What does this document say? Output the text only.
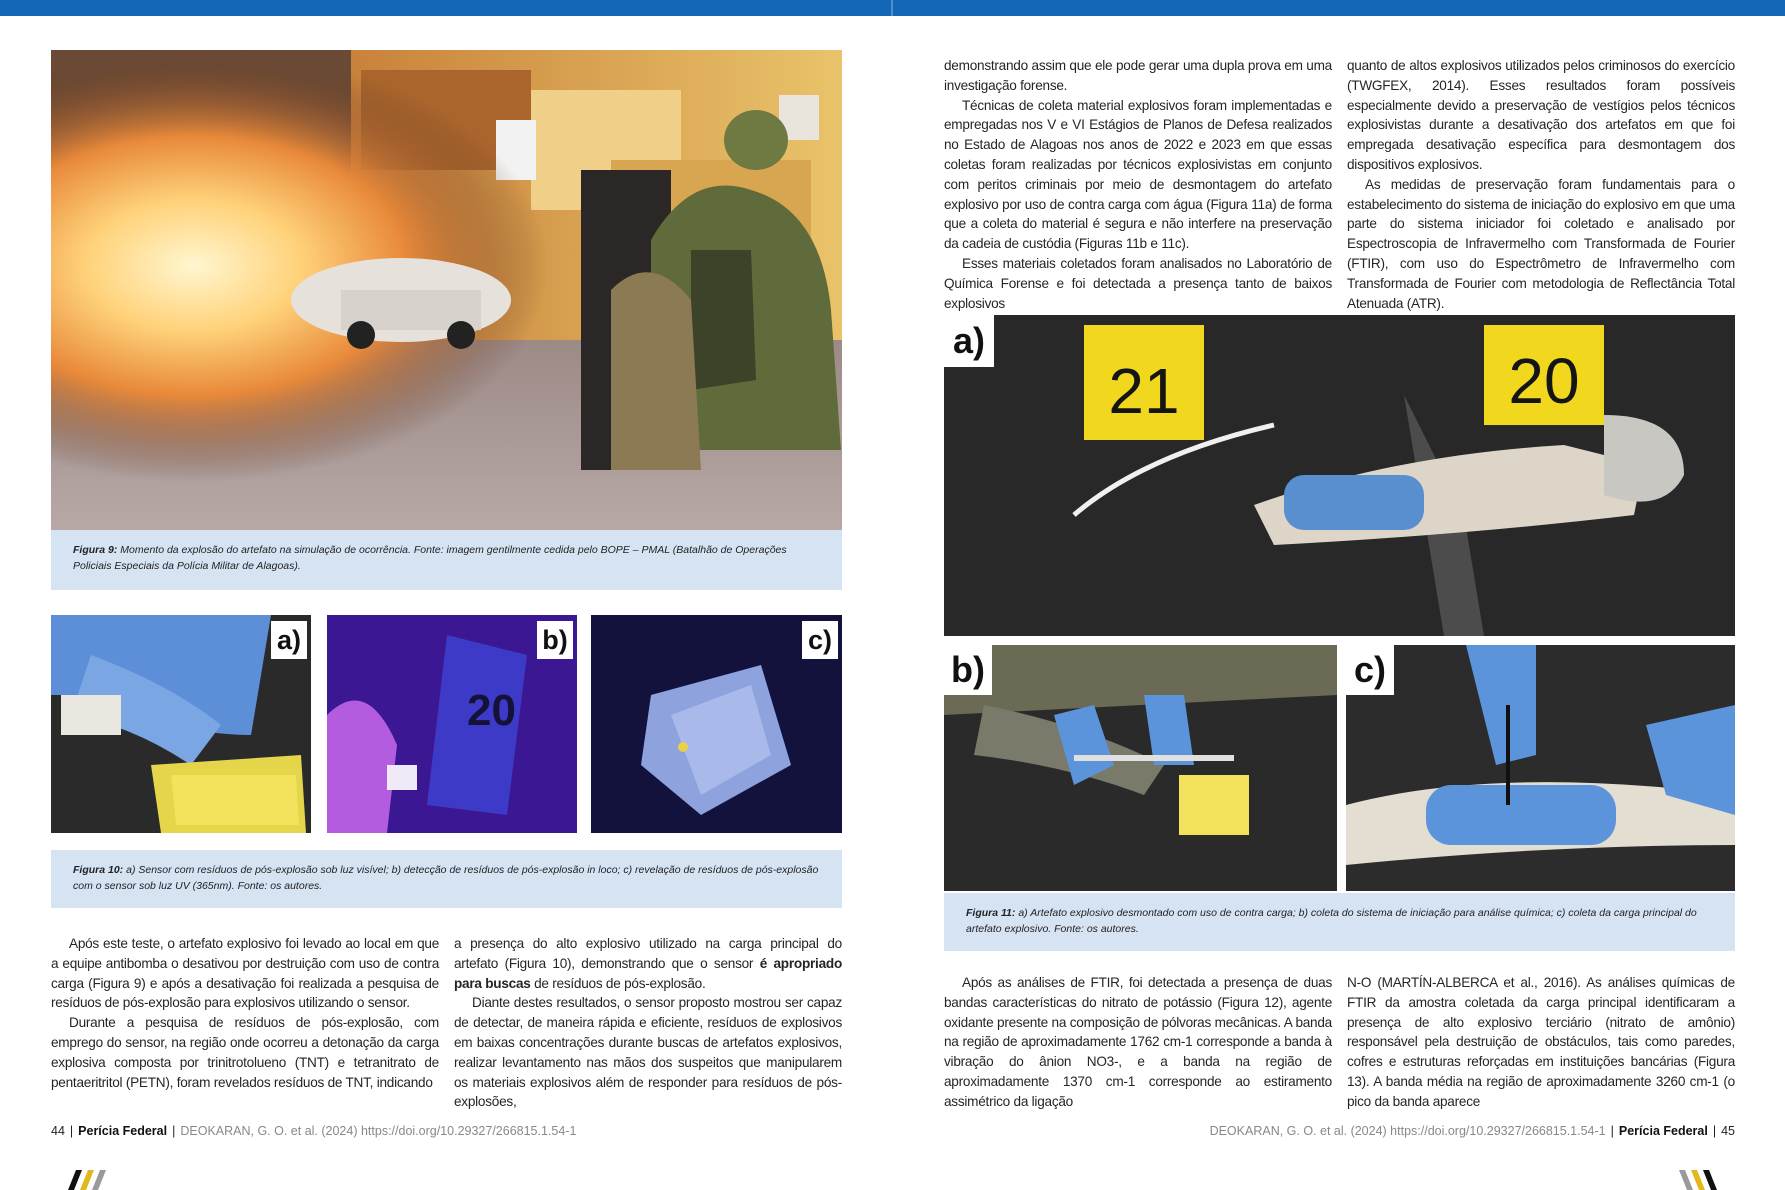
Figura 9: Momento da explosão do artefato na simulação de ocorrência. Fonte: imagem gentilmente cedida pelo BOPE – PMAL (Batalhão de Operações Policiais Especiais da Polícia Militar de Alagoas).
a)
20
b)	c)
Figura 10: a) Sensor com resíduos de pós-explosão sob luz visível; b) detecção de resíduos de pós-explosão in loco; c) revelação de resíduos de pós-explosão com o sensor sob luz UV (365nm). Fonte: os autores.

Após este teste, o artefato explosivo foi levado ao local em que a equipe antibomba o desativou por destruição com uso de contra carga (Figura 9) e após a desativação foi realizada a pesquisa de resíduos de pós-explosão para explosivos utilizando o sensor.

Durante a pesquisa de resíduos de pós-explosão, com emprego do sensor, na região onde ocorreu a detonação da carga explosiva composta por trinitrotolueno (TNT) e tetranitrato de pentaeritritol (PETN), foram revelados resíduos de TNT, indicando

a presença do alto explosivo utilizado na carga principal do artefato (Figura 10), demonstrando que o sensor é apropriado para buscas de resíduos de pós-explosão.

Diante destes resultados, o sensor proposto mostrou ser capaz de detectar, de maneira rápida e eficiente, resíduos de explosivos em baixas concentrações durante buscas de artefatos explosivos, realizar levantamento nas mãos dos suspeitos que manipularem os materiais explosivos além de responder para resíduos de pós-explosões,

44 | Perícia Federal | DEOKARAN, G. O. et al. (2024) https://doi.org/10.29327/266815.1.54-1

demonstrando assim que ele pode gerar uma dupla prova em uma investigação forense.

Técnicas de coleta material explosivos foram implementadas e empregadas nos V e VI Estágios de Planos de Defesa realizados no Estado de Alagoas nos anos de 2022 e 2023 em que essas coletas foram realizadas por técnicos explosivistas em conjunto com peritos criminais por meio de desmontagem do artefato explosivo por uso de contra carga com água (Figura 11a) de forma que a coleta do material é segura e não interfere na preservação da cadeia de custódia (Figuras 11b e 11c).

Esses materiais coletados foram analisados no Laboratório de Química Forense e foi detectada a presença tanto de baixos explosivos

quanto de altos explosivos utilizados pelos criminosos do exercício (TWGFEX, 2014). Esses resultados foram possíveis especialmente devido a preservação de vestígios pelos técnicos explosivistas durante a desativação dos artefatos em que foi empregada desativação específica para desmontagem dos dispositivos explosivos.

As medidas de preservação foram fundamentais para o estabelecimento do sistema de iniciação do explosivo em que uma parte do sistema iniciador foi coletado e analisado por Espectroscopia de Infravermelho com Transformada de Fourier (FTIR), com uso do Espectrômetro de Infravermelho com Transformada de Fourier com metodologia de Reflectância Total Atenuada (ATR).

21	20
a)
b)	c)
Figura 11: a) Artefato explosivo desmontado com uso de contra carga; b) coleta do sistema de iniciação para análise química; c) coleta da carga principal do artefato explosivo. Fonte: os autores.

Após as análises de FTIR, foi detectada a presença de duas bandas características do nitrato de potássio (Figura 12), agente oxidante presente na composição de pólvoras mecânicas. A banda na região de aproximadamente 1762 cm-1 corresponde a banda à vibração do ânion NO3-, e a banda na região de aproximadamente 1370 cm-1 corresponde ao estiramento assimétrico da ligação

N-O (MARTÍN-ALBERCA et al., 2016). As análises químicas de FTIR da amostra coletada da carga principal identificaram a presença de alto explosivo terciário (nitrato de amônio) responsável pela destruição de obstáculos, tais como paredes, cofres e estruturas reforçadas em instituições bancárias (Figura 13). A banda média na região de aproximadamente 3260 cm-1 (o pico da banda aparece

DEOKARAN, G. O. et al. (2024) https://doi.org/10.29327/266815.1.54-1 | Perícia Federal | 45
